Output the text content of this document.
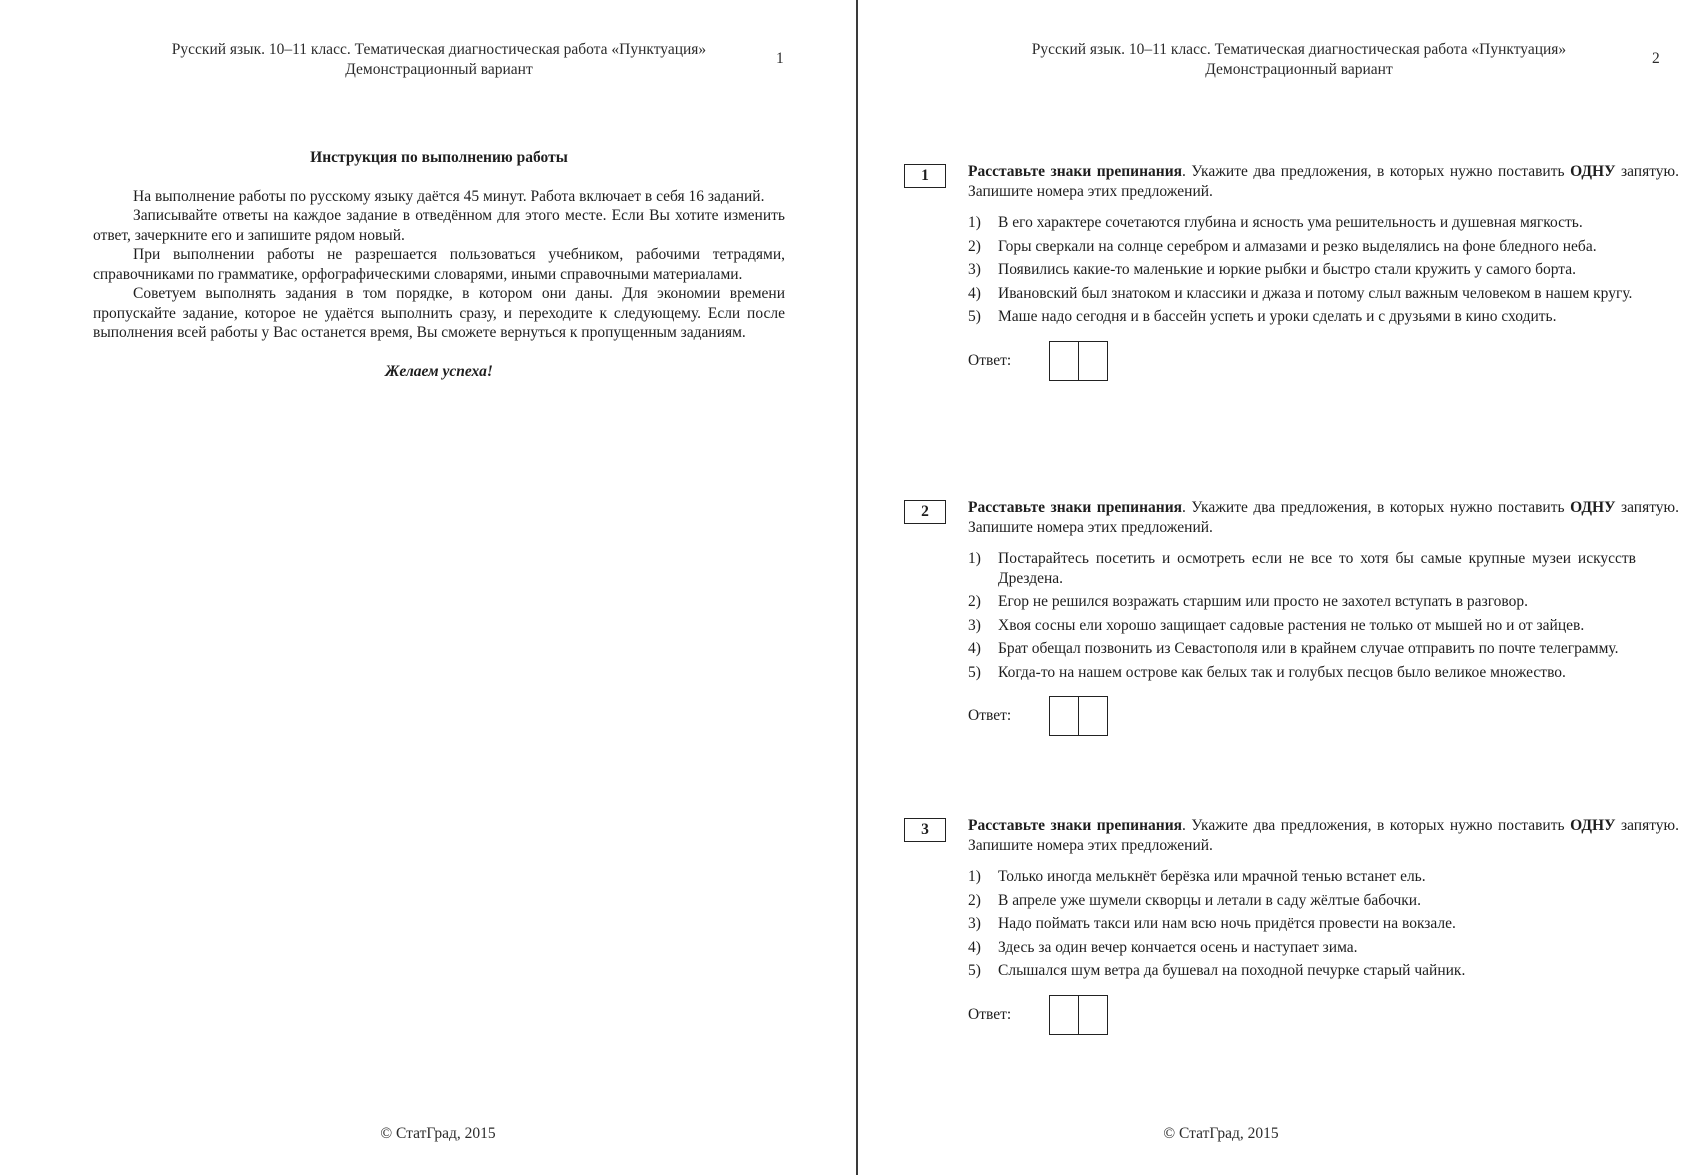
Русский язык. 10–11 класс. Тематическая диагностическая работа «Пунктуация»
Демонстрационный вариант
1
Инструкция по выполнению работы

На выполнение работы по русскому языку даётся 45 минут. Работа включает в себя 16 заданий.

Записывайте ответы на каждое задание в отведённом для этого месте. Если Вы хотите изменить ответ, зачеркните его и запишите рядом новый.

При выполнении работы не разрешается пользоваться учебником, рабочими тетрадями, справочниками по грамматике, орфографическими словарями, иными справочными материалами.

Советуем выполнять задания в том порядке, в котором они даны. Для экономии времени пропускайте задание, которое не удаётся выполнить сразу, и переходите к следующему. Если после выполнения всей работы у Вас останется время, Вы сможете вернуться к пропущенным заданиям.

Желаем успеха!
© СтатГрад, 2015
Русский язык. 10–11 класс. Тематическая диагностическая работа «Пунктуация»
Демонстрационный вариант
2
1	Расставьте знаки препинания. Укажите два предложения, в которых нужно поставить ОДНУ запятую. Запишите номера этих предложений.
1)	В его характере сочетаются глубина и ясность ума решительность и душевная мягкость.
2)	Горы сверкали на солнце серебром и алмазами и резко выделялись на фоне бледного неба.
3)	Появились какие-то маленькие и юркие рыбки и быстро стали кружить у самого борта.
4)	Ивановский был знатоком и классики и джаза и потому слыл важным человеком в нашем кругу.
5)	Маше надо сегодня и в бассейн успеть и уроки сделать и с друзьями в кино сходить.
Ответ:
2	Расставьте знаки препинания. Укажите два предложения, в которых нужно поставить ОДНУ запятую. Запишите номера этих предложений.
1)	Постарайтесь посетить и осмотреть если не все то хотя бы самые крупные музеи искусств Дрездена.
2)	Егор не решился возражать старшим или просто не захотел вступать в разговор.
3)	Хвоя сосны ели хорошо защищает садовые растения не только от мышей но и от зайцев.
4)	Брат обещал позвонить из Севастополя или в крайнем случае отправить по почте телеграмму.
5)	Когда-то на нашем острове как белых так и голубых песцов было великое множество.
Ответ:
3	Расставьте знаки препинания. Укажите два предложения, в которых нужно поставить ОДНУ запятую. Запишите номера этих предложений.
1)	Только иногда мелькнёт берёзка или мрачной тенью встанет ель.
2)	В апреле уже шумели скворцы и летали в саду жёлтые бабочки.
3)	Надо поймать такси или нам всю ночь придётся провести на вокзале.
4)	Здесь за один вечер кончается осень и наступает зима.
5)	Слышался шум ветра да бушевал на походной печурке старый чайник.
Ответ:
© СтатГрад, 2015
